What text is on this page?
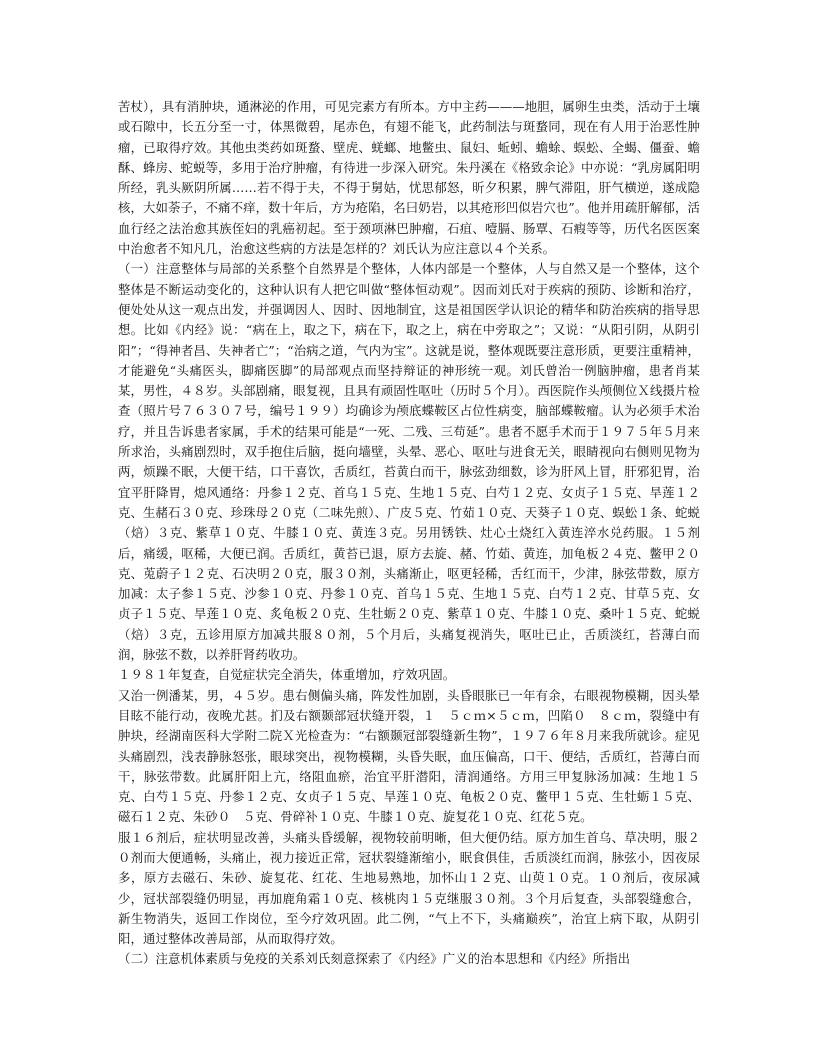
苦杖），具有消肿块，通淋泌的作用，可见完素方有所本。方中主药———地胆，属卵生虫类，活动于土壤或石隙中，长五分至一寸，体黑微碧，尾赤色，有翅不能飞，此药制法与斑蝥同，现在有人用于治恶性肿瘤，已取得疗效。其他虫类药如斑蝥、壁虎、蜣螂、地鳖虫、鼠妇、蚯蚓、蟾蜍、蜈蚣、全蝎、僵蚕、蟾酥、蜂房、蛇蜕等，多用于治疗肿瘤，有待进一步深入研究。朱丹溪在《格致余论》中亦说：“乳房属阳明所经，乳头厥阴所属……若不得于夫，不得于舅姑，忧思郁怒，昕夕积累，脾气滞阻，肝气横逆，遂成隐核，大如荼子，不痛不痒，数十年后，方为疮陷，名曰奶岩，以其疮形凹似岩穴也”。他并用疏肝解郁，活血行经之法治愈其族侄妇的乳癌初起。至于颈项淋巴肿瘤，石疽、噎膈、肠覃、石瘕等等，历代名医医案中治愈者不知凡几，治愈这些病的方法是怎样的？刘氏认为应注意以４个关系。

（一）注意整体与局部的关系整个自然界是个整体，人体内部是一个整体，人与自然又是一个整体，这个整体是不断运动变化的，这种认识有人把它叫做“整体恒动观”。因而刘氏对于疾病的预防、诊断和治疗，便处处从这一观点出发，并强调因人、因时、因地制宜，这是祖国医学认识论的精华和防治疾病的指导思想。比如《内经》说：“病在上，取之下，病在下，取之上，病在中旁取之”；又说：“从阳引阴，从阴引阳”；“得神者昌、失神者亡”；“治病之道，气内为宝”。这就是说，整体观既要注意形质，更要注重精神，才能避免“头痛医头，脚痛医脚”的局部观点而坚持辩证的神形统一观。刘氏曾治一例脑肿瘤，患者肖某某，男性，４８岁。头部剧痛，眼复视，且具有顽固性呕吐（历时５个月）。西医院作头颅侧位Ｘ线摄片检查（照片号７６３０７号，编号１９９）均确诊为颅底蝶鞍区占位性病变，脑部蝶鞍瘤。认为必须手术治疗，并且告诉患者家属，手术的结果可能是“一死、二残、三苟延”。患者不愿手术而于１９７５年５月来所求治，头痛剧烈时，双手抱住后脑，挺向墙壁，头晕、恶心、呕吐与进食无关，眼睛视向右侧则见物为两，烦躁不眠，大便干结，口干喜饮，舌质红，苔黄白而干，脉弦劲细数，诊为肝风上冒，肝邪犯胃，治宜平肝降胃，熄风通络：丹参１２克、首乌１５克、生地１５克、白芍１２克、女贞子１５克、旱莲１２克、生赭石３０克、珍珠母２０克（二味先煎）、广皮５克、竹茹１０克、天葵子１０克、蜈蚣１条、蛇蜕（焙）３克、紫草１０克、牛膝１０克、黄连３克。另用锈铁、灶心土烧红入黄连淬水兑药服。１５剂后，痛缓，呕稀，大便已润。舌质红，黄苔已退，原方去旋、赭、竹茹、黄连，加龟板２４克、鳖甲２０克、莵蔚子１２克、石决明２０克，服３０剂，头痛渐止，呕更轻稀，舌红而干，少津，脉弦带数，原方加减：太子参１５克、沙参１０克、丹参１０克、首乌１５克、生地１５克、白芍１２克、甘草５克、女贞子１５克、旱莲１０克、炙龟板２０克、生牡蛎２０克、紫草１０克、牛膝１０克、桑叶１５克、蛇蜕（焙）３克，五诊用原方加减共服８０剂，５个月后，头痛复视消失，呕吐已止，舌质淡红，苔薄白而润，脉弦不数，以养肝肾药收功。

１９８１年复查，自觉症状完全消失，体重增加，疗效巩固。

又治一例潘某，男，４５岁。患右侧偏头痛，阵发性加剧，头昏眼胀已一年有余，右眼视物模糊，因头晕目眩不能行动，夜晚尤甚。扪及右额颞部冠状缝开裂，１　５ｃｍ×５ｃｍ，凹陷０　８ｃｍ，裂缝中有肿块，经湖南医科大学附二院Ｘ光检查为：“右额颞冠部裂缝新生物”，１９７６年８月来我所就诊。症见头痛剧烈，浅表静脉怒张，眼球突出，视物模糊，头昏失眠，血压偏高，口干、便结，舌质红，苔薄白而干，脉弦带数。此属肝阳上亢，络阻血瘀，治宜平肝潜阳，清润通络。方用三甲复脉汤加减：生地１５克、白芍１５克、丹参１２克、女贞子１５克、旱莲１０克、龟板２０克、鳖甲１５克、生牡蛎１５克、磁石１２克、朱砂０　５克、骨碎补１０克、牛膝１０克、旋复花１０克、红花５克。

服１６剂后，症状明显改善，头痛头昏缓解，视物较前明晰，但大便仍结。原方加生首乌、草决明，服２０剂而大便通畅，头痛止，视力接近正常，冠状裂缝渐缩小，眠食俱佳，舌质淡红而润，脉弦小，因夜尿多，原方去磁石、朱砂、旋复花、红花、生地易熟地，加怀山１２克、山萸１０克。１０剂后，夜尿减少，冠状部裂缝仍明显，再加鹿角霜１０克、核桃肉１５克继服３０剂。３个月后复查，头部裂缝愈合，新生物消失，返回工作岗位，至今疗效巩固。此二例，“气上不下，头痛巅疾”，治宜上病下取，从阴引阳，通过整体改善局部，从而取得疗效。

（二）注意机体素质与免疫的关系刘氏刻意探索了《内经》广义的治本思想和《内经》所指出
